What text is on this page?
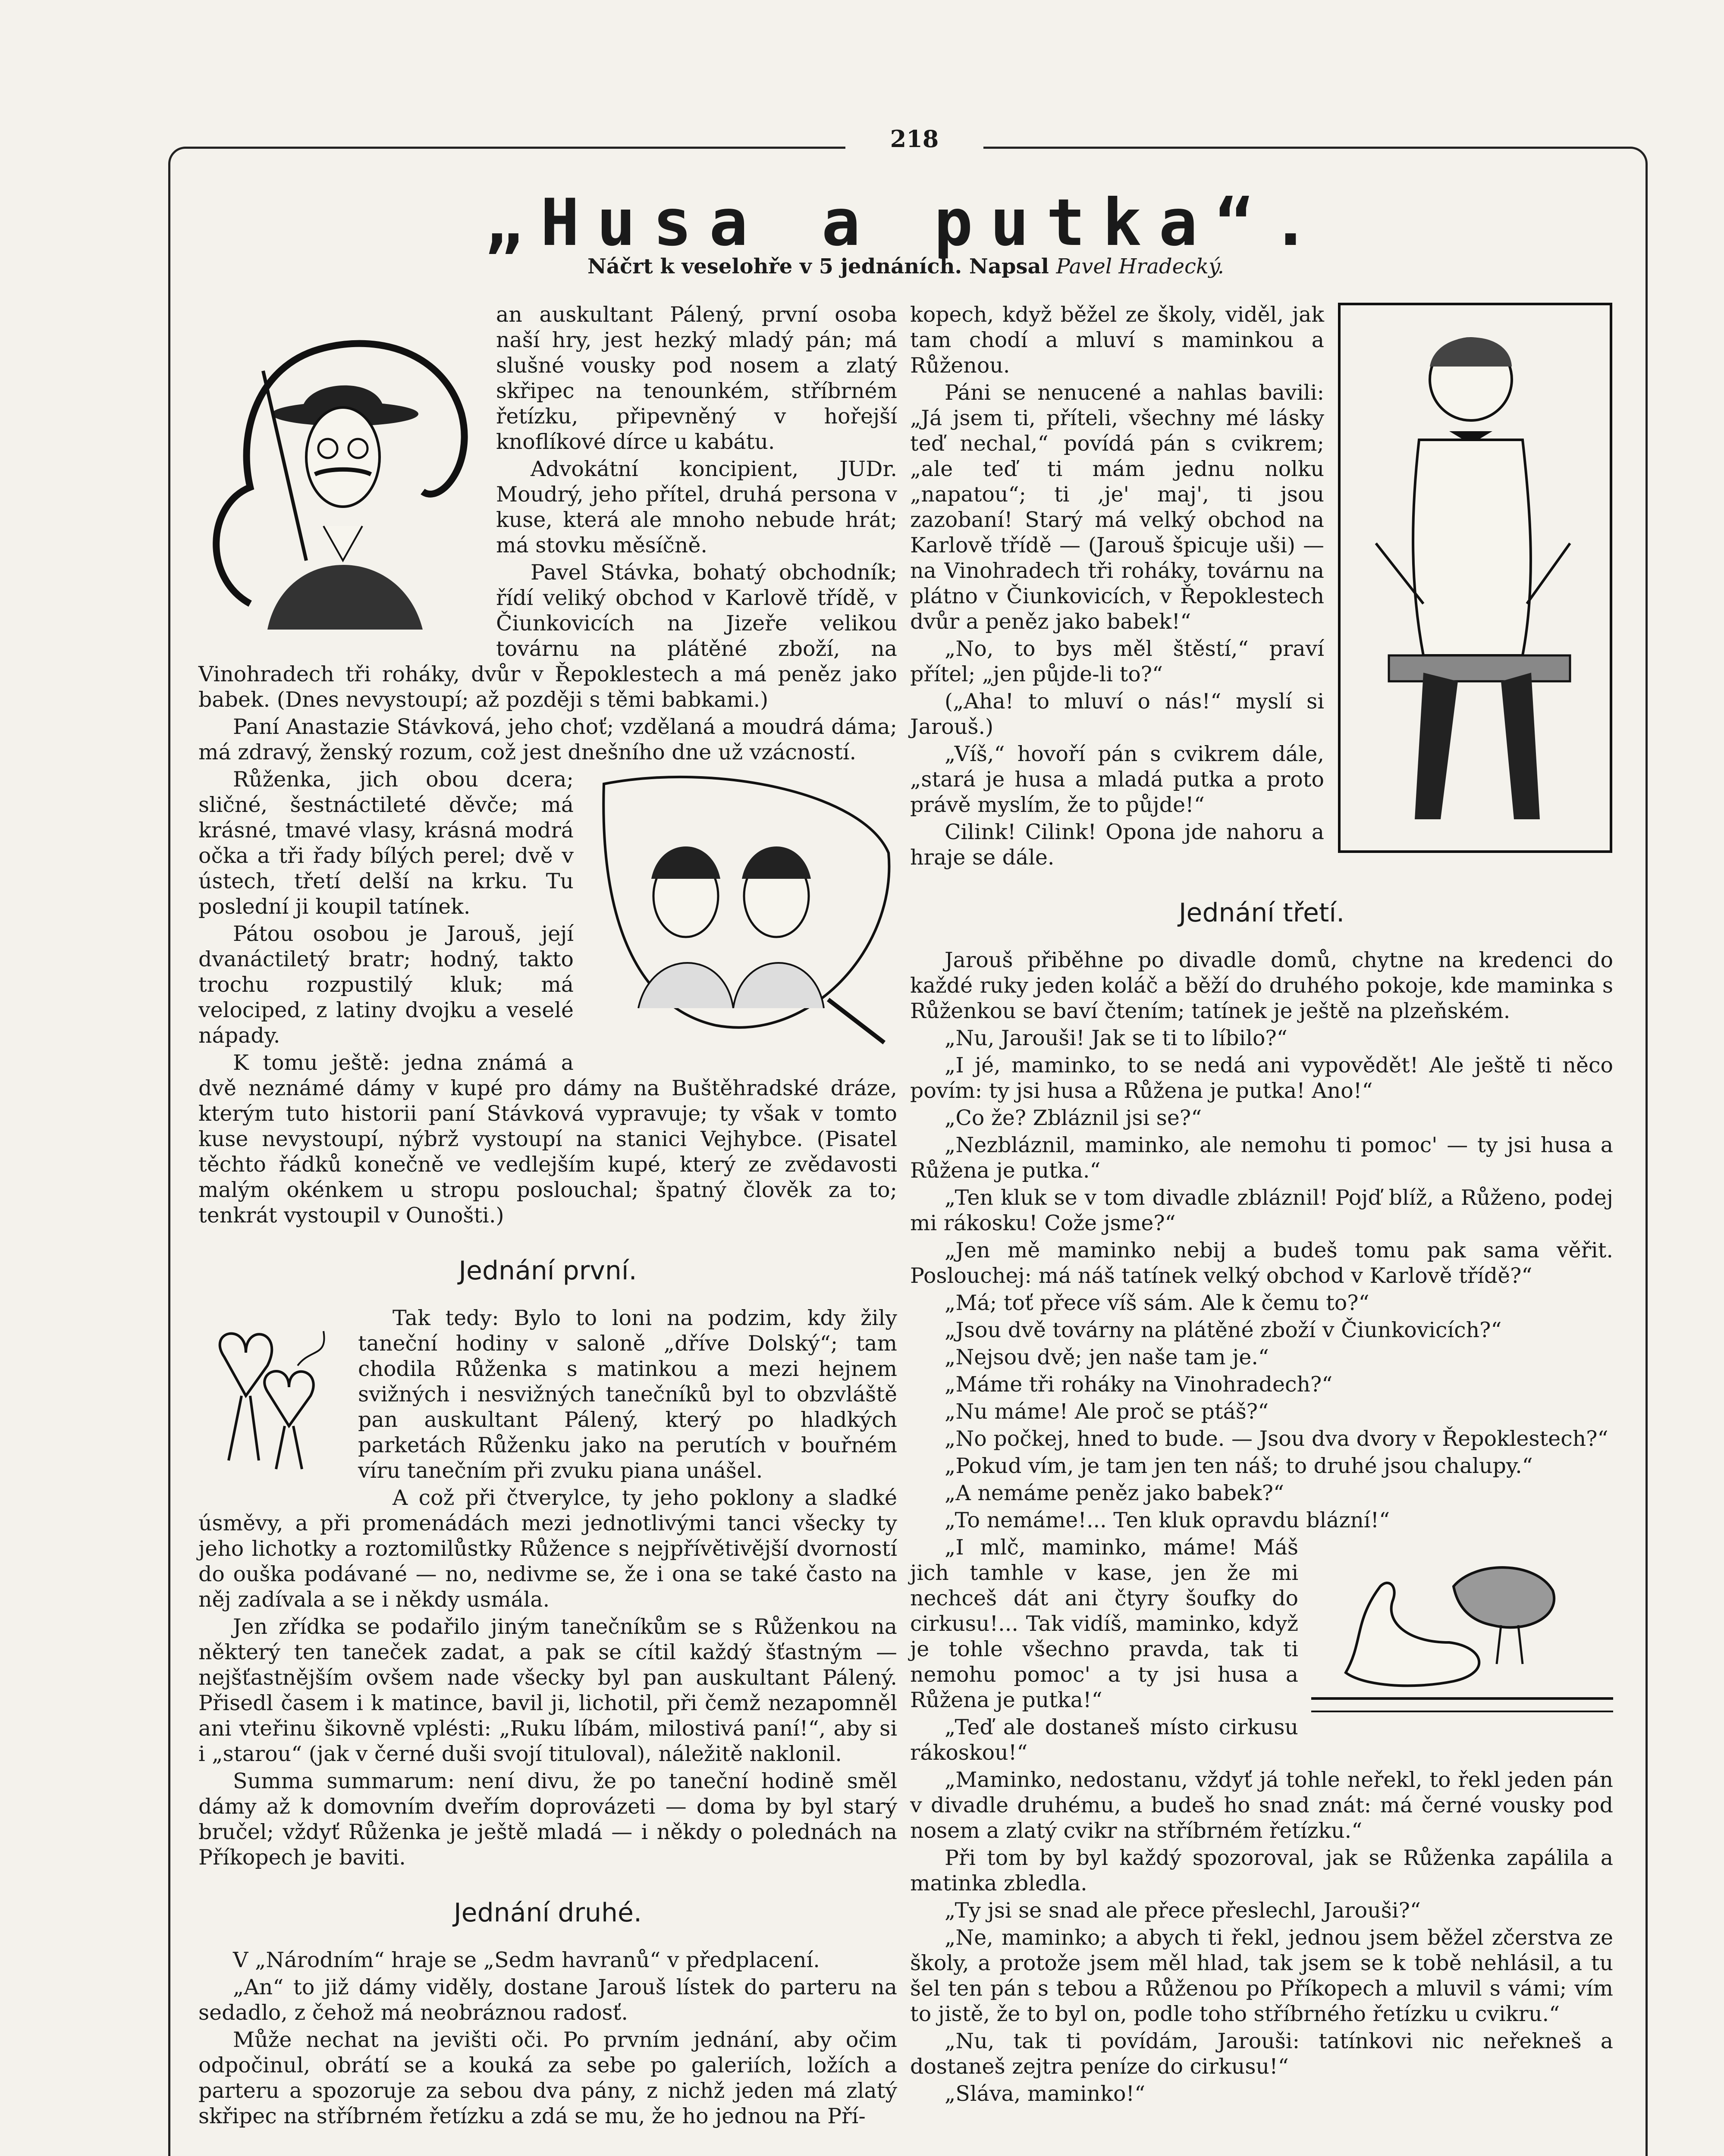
218
„Husa a putka“.
Náčrt k veselohře v 5 jednáních. Napsal Pavel Hradecký.

an auskultant Pálený, první osoba naší hry, jest hezký mladý pán; má slušné vousky pod nosem a zlatý skřipec na tenounkém, stříbrném řetízku, připevněný v hořejší knoflíkové dírce u kabátu.

Advokátní koncipient, JUDr. Moudrý, jeho přítel, druhá persona v kuse, která ale mnoho nebude hrát; má stovku měsíčně.

Pavel Stávka, bohatý obchodník; řídí veliký obchod v Karlově třídě, v Čiunkovicích na Jizeře velikou továrnu na plátěné zboží, na Vinohradech tři roháky, dvůr v Řepoklestech a má peněz jako babek. (Dnes nevystoupí; až později s těmi babkami.)

Paní Anastazie Stávková, jeho choť; vzdělaná a moudrá dáma; má zdravý, ženský rozum, což jest dnešního dne už vzácností.

Růženka, jich obou dcera; sličné, šestnáctileté děvče; má krásné, tmavé vlasy, krásná modrá očka a tři řady bílých perel; dvě v ústech, třetí delší na krku. Tu poslední ji koupil tatínek.

Pátou osobou je Jarouš, její dvanáctiletý bratr; hodný, takto trochu rozpustilý kluk; má velociped, z latiny dvojku a veselé nápady.

K tomu ještě: jedna známá a dvě neznámé dámy v kupé pro dámy na Buštěhradské dráze, kterým tuto historii paní Stávková vypravuje; ty však v tomto kuse nevystoupí, nýbrž vystoupí na stanici Vejhybce. (Pisatel těchto řádků konečně ve vedlejším kupé, který ze zvědavosti malým okénkem u stropu poslouchal; špatný člověk za to; tenkrát vystoupil v Ounošti.)

Jednání první.

Tak tedy: Bylo to loni na podzim, kdy žily taneční hodiny v saloně „dříve Dolský“; tam chodila Růženka s matinkou a mezi hejnem svižných i nesvižných tanečníků byl to obzvláště pan auskultant Pálený, který po hladkých parketách Růženku jako na perutích v bouřném víru tanečním při zvuku piana unášel.

A což při čtverylce, ty jeho poklony a sladké úsměvy, a při promenádách mezi jednotlivými tanci všecky ty jeho lichotky a roztomilůstky Růžence s nejpřívětivější dvorností do ouška podávané — no, nedivme se, že i ona se také často na něj zadívala a se i někdy usmála.

Jen zřídka se podařilo jiným tanečníkům se s Růženkou na některý ten taneček zadat, a pak se cítil každý šťastným — nejšťastnějším ovšem nade všecky byl pan auskultant Pálený. Přisedl časem i k matince, bavil ji, lichotil, při čemž nezapomněl ani vteřinu šikovně vplésti: „Ruku líbám, milostivá paní!“, aby si i „starou“ (jak v černé duši svojí tituloval), náležitě naklonil.

Summa summarum: není divu, že po taneční hodině směl dámy až k domovním dveřím doprovázeti — doma by byl starý bručel; vždyť Růženka je ještě mladá — i někdy o polednách na Příkopech je baviti.

Jednání druhé.

V „Národním“ hraje se „Sedm havranů“ v předplacení.

„An“ to již dámy viděly, dostane Jarouš lístek do parteru na sedadlo, z čehož má neobráznou radosť.

Může nechat na jevišti oči. Po prvním jednání, aby očim odpočinul, obrátí se a kouká za sebe po galeriích, ložích a parteru a spozoruje za sebou dva pány, z nichž jeden má zlatý skřipec na stříbrném řetízku a zdá se mu, že ho jednou na Pří-

kopech, když běžel ze školy, viděl, jak tam chodí a mluví s maminkou a Růženou.

Páni se nenucené a nahlas bavili: „Já jsem ti, příteli, všechny mé lásky teď nechal,“ povídá pán s cvikrem; „ale teď ti mám jednu nolku „napatou“; ti ,je' maj', ti jsou zazobaní! Starý má velký obchod na Karlově třídě — (Jarouš špicuje uši) — na Vinohradech tři roháky, továrnu na plátno v Čiunkovicích, v Řepoklestech dvůr a peněz jako babek!“

„No, to bys měl štěstí,“ praví přítel; „jen půjde-li to?“

(„Aha! to mluví o nás!“ myslí si Jarouš.)

„Víš,“ hovoří pán s cvikrem dále, „stará je husa a mladá putka a proto právě myslím, že to půjde!“

Cilink! Cilink! Opona jde nahoru a hraje se dále.

Jednání třetí.

Jarouš přiběhne po divadle domů, chytne na kredenci do každé ruky jeden koláč a běží do druhého pokoje, kde maminka s Růženkou se baví čtením; tatínek je ještě na plzeňském.

„Nu, Jarouši! Jak se ti to líbilo?“

„I jé, maminko, to se nedá ani vypovědět! Ale ještě ti něco povím: ty jsi husa a Růžena je putka! Ano!“

„Co že? Zbláznil jsi se?“

„Nezbláznil, maminko, ale nemohu ti pomoc' — ty jsi husa a Růžena je putka.“

„Ten kluk se v tom divadle zbláznil! Pojď blíž, a Růženo, podej mi rákosku! Cože jsme?“

„Jen mě maminko nebij a budeš tomu pak sama věřit. Poslouchej: má náš tatínek velký obchod v Karlově třídě?“

„Má; toť přece víš sám. Ale k čemu to?“

„Jsou dvě továrny na plátěné zboží v Čiunkovicích?“

„Nejsou dvě; jen naše tam je.“

„Máme tři roháky na Vinohradech?“

„Nu máme! Ale proč se ptáš?“

„No počkej, hned to bude. — Jsou dva dvory v Řepoklestech?“

„Pokud vím, je tam jen ten náš; to druhé jsou chalupy.“

„A nemáme peněz jako babek?“

„To nemáme!... Ten kluk opravdu blázní!“

„I mlč, maminko, máme! Máš jich tamhle v kase, jen že mi nechceš dát ani čtyry šoufky do cirkusu!... Tak vidíš, maminko, když je tohle všechno pravda, tak ti nemohu pomoc' a ty jsi husa a Růžena je putka!“

„Teď ale dostaneš místo cirkusu rákoskou!“

„Maminko, nedostanu, vždyť já tohle neřekl, to řekl jeden pán v divadle druhému, a budeš ho snad znát: má černé vousky pod nosem a zlatý cvikr na stříbrném řetízku.“

Při tom by byl každý spozoroval, jak se Růženka zapálila a matinka zbledla.

„Ty jsi se snad ale přece přeslechl, Jarouši?“

„Ne, maminko; a abych ti řekl, jednou jsem běžel zčerstva ze školy, a protože jsem měl hlad, tak jsem se k tobě nehlásil, a tu šel ten pán s tebou a Růženou po Příkopech a mluvil s vámi; vím to jistě, že to byl on, podle toho stříbrného řetízku u cvikru.“

„Nu, tak ti povídám, Jarouši: tatínkovi nic neřekneš a dostaneš zejtra peníze do cirkusu!“

„Sláva, maminko!“
